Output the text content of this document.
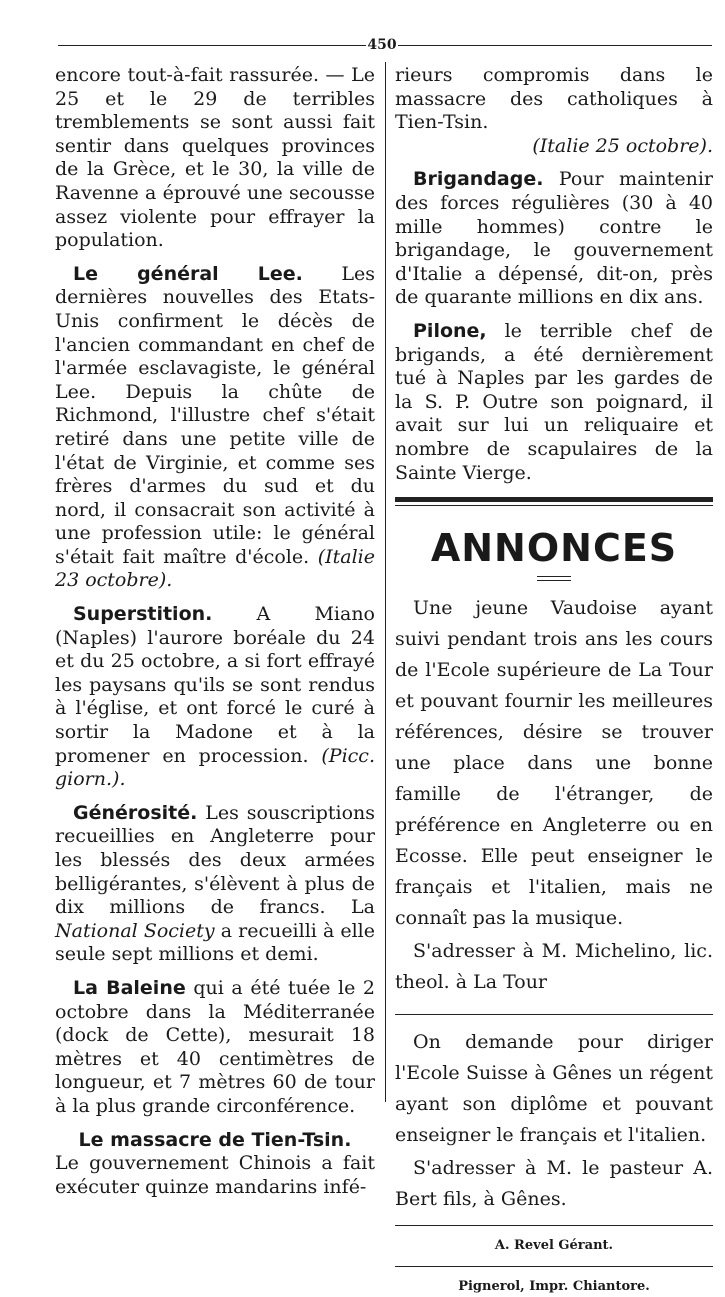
450

encore tout-à-fait rassurée. — Le 25 et le 29 de terribles tremblements se sont aussi fait sentir dans quelques provinces de la Grèce, et le 30, la ville de Ravenne a éprouvé une secousse assez violente pour effrayer la population.

Le général Lee. Les dernières nouvelles des Etats-Unis confirment le décès de l'ancien commandant en chef de l'armée esclavagiste, le général Lee. Depuis la chûte de Richmond, l'illustre chef s'était retiré dans une petite ville de l'état de Virginie, et comme ses frères d'armes du sud et du nord, il consacrait son activité à une profession utile: le général s'était fait maître d'école. (Italie 23 octobre).

Superstition. A Miano (Naples) l'aurore boréale du 24 et du 25 octobre, a si fort effrayé les paysans qu'ils se sont rendus à l'église, et ont forcé le curé à sortir la Madone et à la promener en procession. (Picc. giorn.).

Générosité. Les souscriptions recueillies en Angleterre pour les blessés des deux armées belligérantes, s'élèvent à plus de dix millions de francs. La National Society a recueilli à elle seule sept millions et demi.

La Baleine qui a été tuée le 2 octobre dans la Méditerranée (dock de Cette), mesurait 18 mètres et 40 centimètres de longueur, et 7 mètres 60 de tour à la plus grande circonférence.

Le massacre de Tien-Tsin.

Le gouvernement Chinois a fait exécuter quinze mandarins infé-

rieurs compromis dans le massacre des catholiques à Tien-Tsin.

(Italie 25 octobre).

Brigandage. Pour maintenir des forces régulières (30 à 40 mille hommes) contre le brigandage, le gouvernement d'Italie a dépensé, dit-on, près de quarante millions en dix ans.

Pilone, le terrible chef de brigands, a été dernièrement tué à Naples par les gardes de la S. P. Outre son poignard, il avait sur lui un reliquaire et nombre de scapulaires de la Sainte Vierge.

ANNONCES

Une jeune Vaudoise ayant suivi pendant trois ans les cours de l'Ecole supérieure de La Tour et pouvant fournir les meilleures références, désire se trouver une place dans une bonne famille de l'étranger, de préférence en Angleterre ou en Ecosse. Elle peut enseigner le français et l'italien, mais ne connaît pas la musique.

S'adresser à M. Michelino, lic. theol. à La Tour

On demande pour diriger l'Ecole Suisse à Gênes un régent ayant son diplôme et pouvant enseigner le français et l'italien.

S'adresser à M. le pasteur A. Bert fils, à Gênes.

A. Revel Gérant.
Pignerol, Impr. Chiantore.
